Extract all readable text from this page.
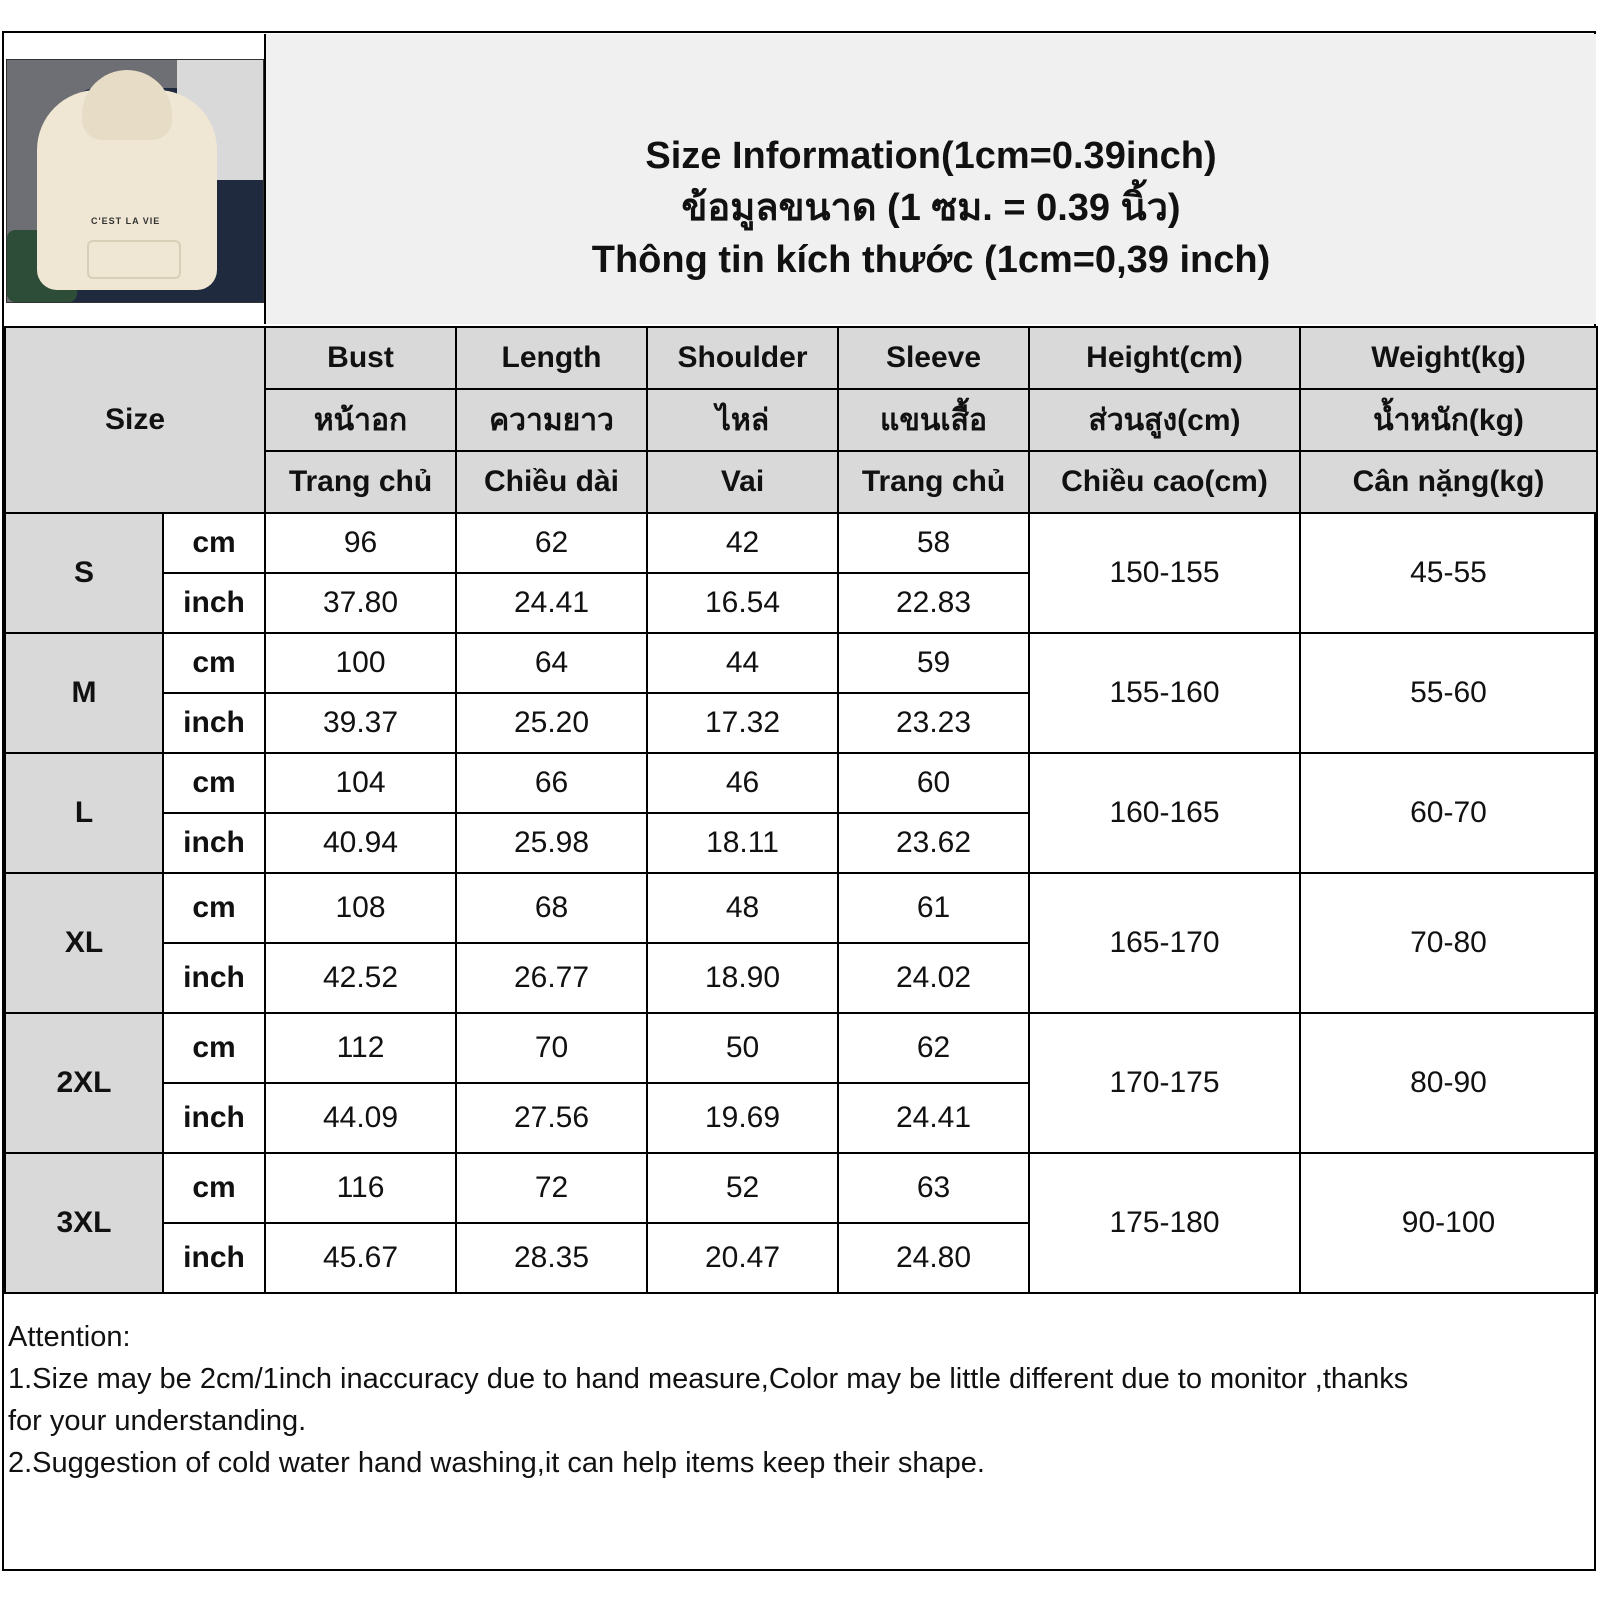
C'EST LA VIE
Size Information(1cm=0.39inch)
ข้อมูลขนาด (1 ซม. = 0.39 นิ้ว)
Thông tin kích thước (1cm=0,39 inch)
Size		Bust	Length	Shoulder	Sleeve	Height(cm)	Weight(kg)
		หน้าอก	ความยาว	ไหล่	แขนเสื้อ	ส่วนสูง(cm)	น้ำหนัก(kg)
		Trang chủ	Chiều dài	Vai	Trang chủ	Chiều cao(cm)	Cân nặng(kg)
S	cm	96	62	42	58	150-155	45-55
	inch	37.80	24.41	16.54	22.83		
M	cm	100	64	44	59	155-160	55-60
	inch	39.37	25.20	17.32	23.23		
L	cm	104	66	46	60	160-165	60-70
	inch	40.94	25.98	18.11	23.62		
XL	cm	108	68	48	61	165-170	70-80
	inch	42.52	26.77	18.90	24.02		
2XL	cm	112	70	50	62	170-175	80-90
	inch	44.09	27.56	19.69	24.41		
3XL	cm	116	72	52	63	175-180	90-100
	inch	45.67	28.35	20.47	24.80		
Attention:
1.Size may be 2cm/1inch inaccuracy due to hand measure,Color may be little different due to monitor ,thanks
for your understanding.
2.Suggestion of cold water hand washing,it can help items keep their shape.
